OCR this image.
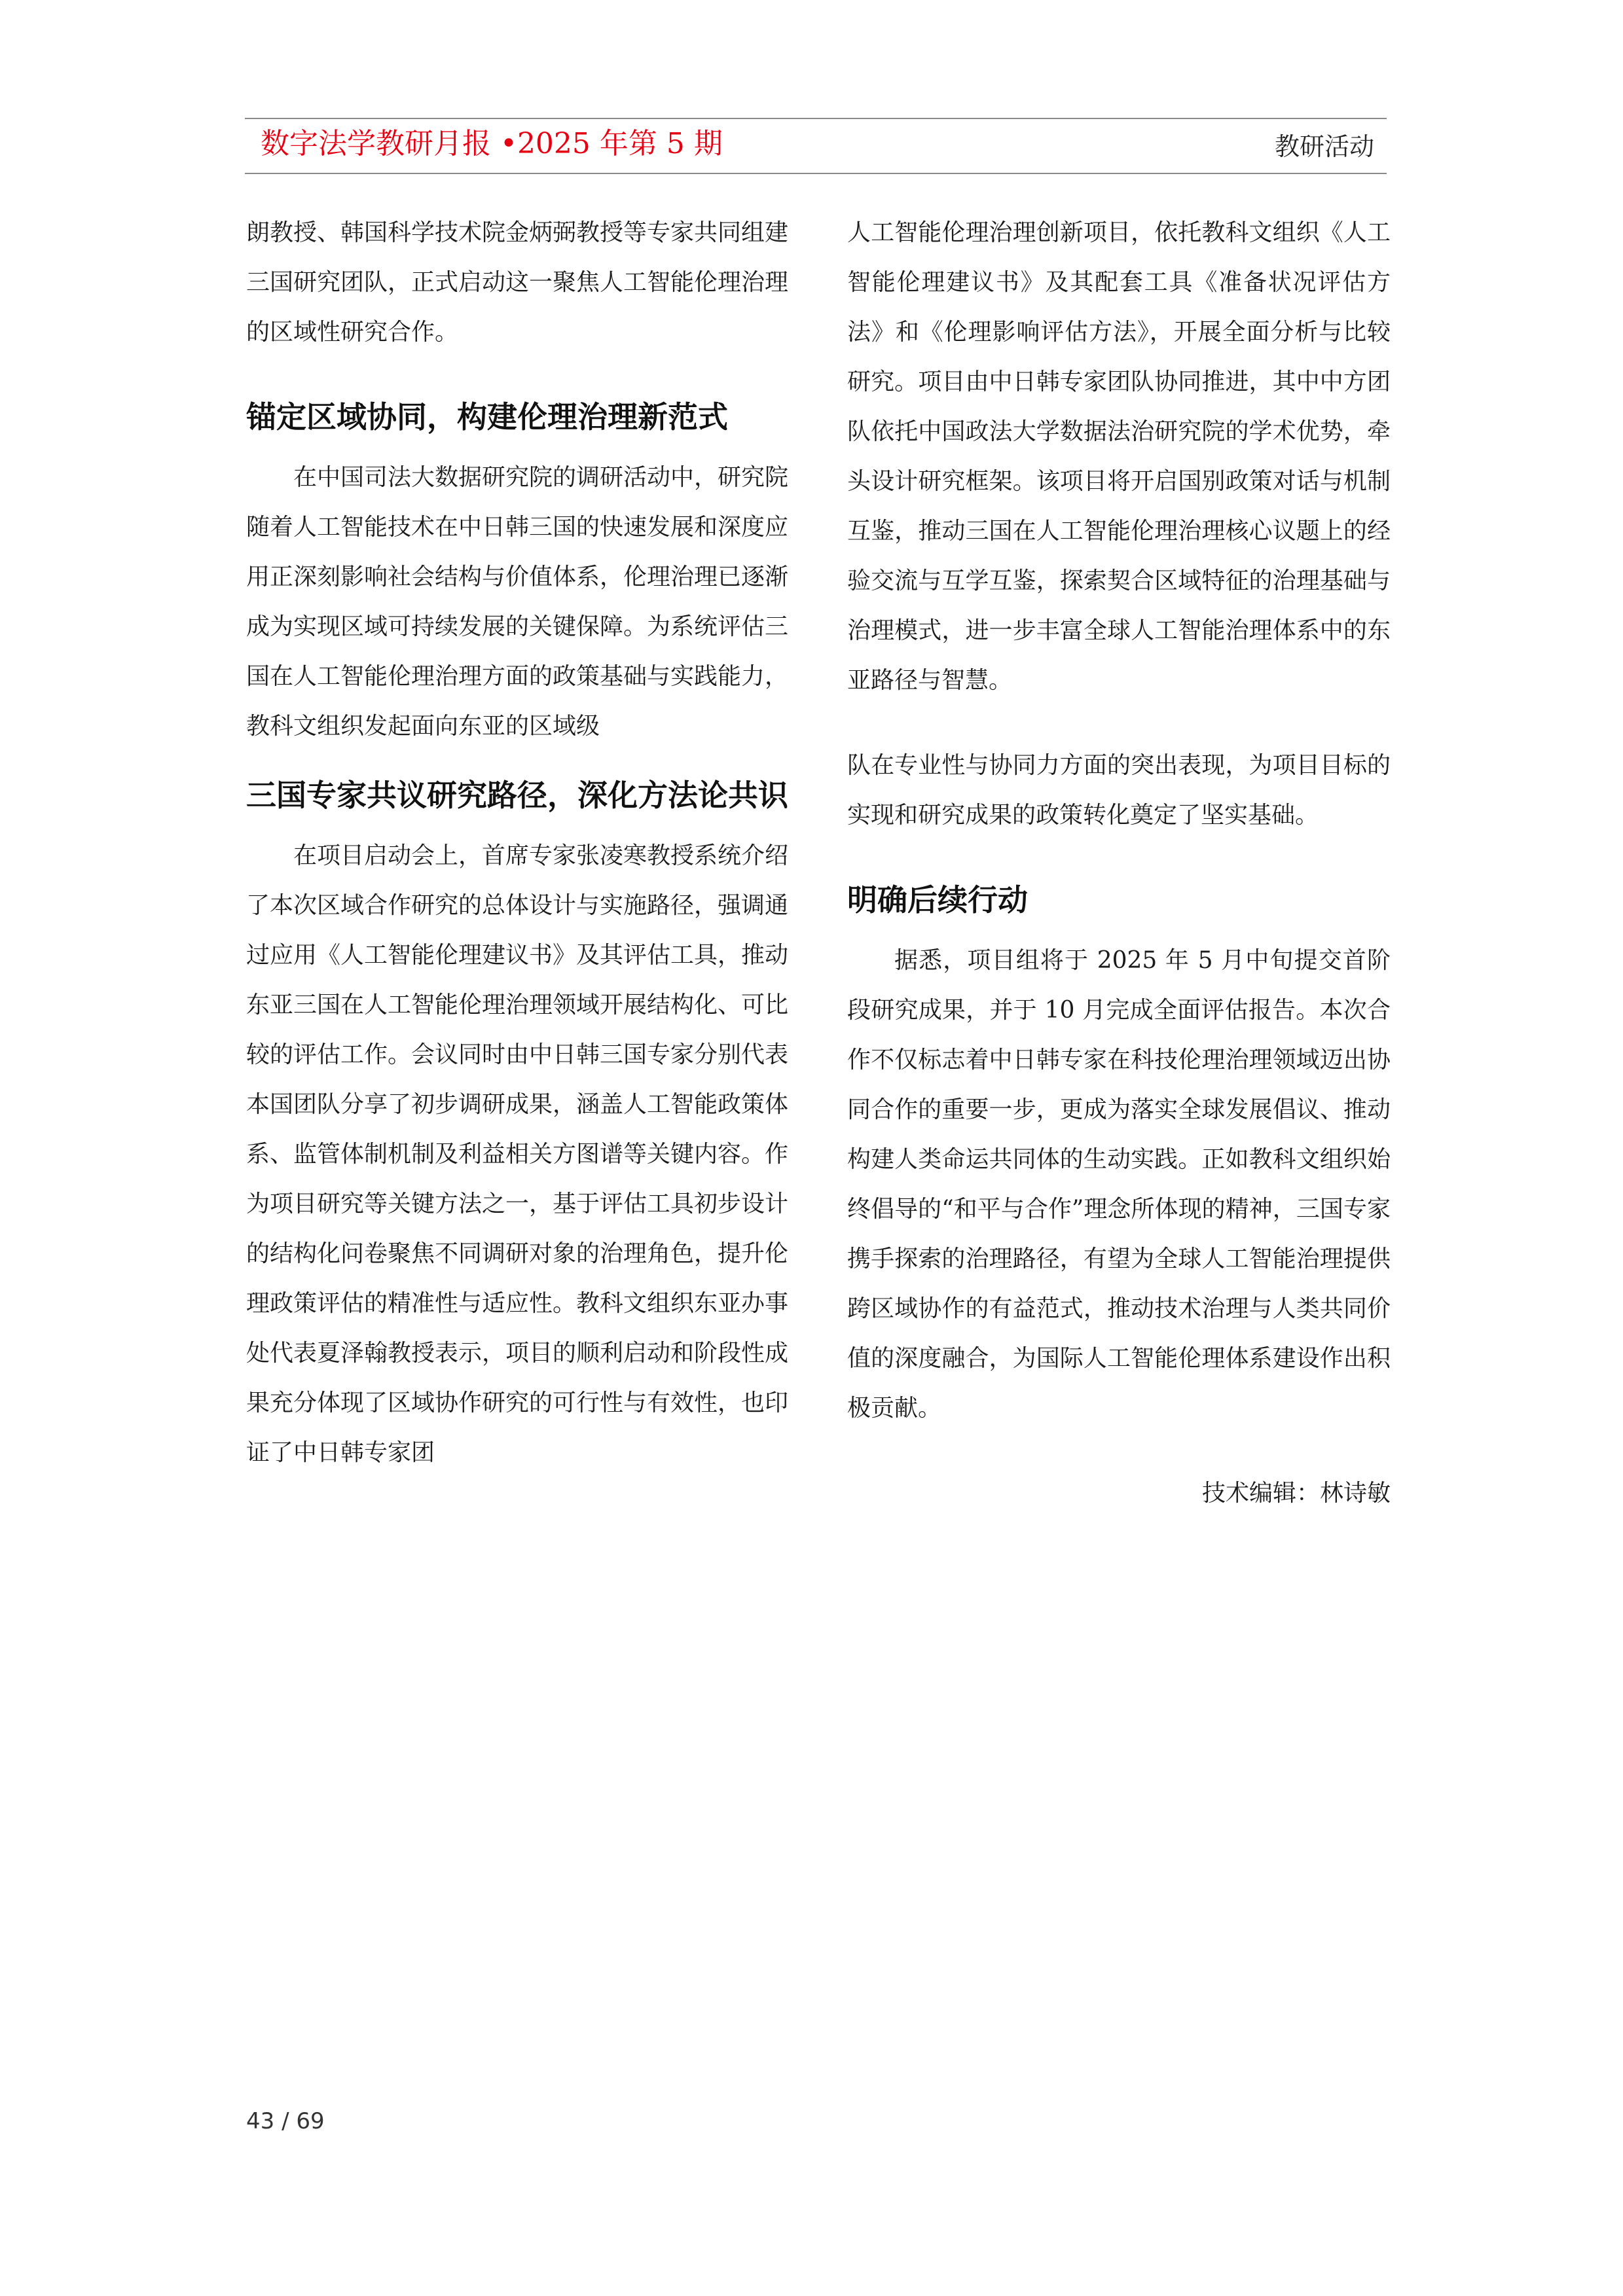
数字法学教研月报 •2025 年第 5 期	教研活动

朗教授、韩国科学技术院金炳弼教授等专家共同组建三国研究团队，正式启动这一聚焦人工智能伦理治理的区域性研究合作。

锚定区域协同，构建伦理治理新范式

在中国司法大数据研究院的调研活动中，研究院随着人工智能技术在中日韩三国的快速发展和深度应用正深刻影响社会结构与价值体系，伦理治理已逐渐成为实现区域可持续发展的关键保障。为系统评估三国在人工智能伦理治理方面的政策基础与实践能力，教科文组织发起面向东亚的区域级

三国专家共议研究路径，深化方法论共识

在项目启动会上，首席专家张凌寒教授系统介绍了本次区域合作研究的总体设计与实施路径，强调通过应用《人工智能伦理建议书》及其评估工具，推动东亚三国在人工智能伦理治理领域开展结构化、可比较的评估工作。会议同时由中日韩三国专家分别代表本国团队分享了初步调研成果，涵盖人工智能政策体系、监管体制机制及利益相关方图谱等关键内容。作为项目研究等关键方法之一，基于评估工具初步设计的结构化问卷聚焦不同调研对象的治理角色，提升伦理政策评估的精准性与适应性。教科文组织东亚办事处代表夏泽翰教授表示，项目的顺利启动和阶段性成果充分体现了区域协作研究的可行性与有效性，也印证了中日韩专家团

人工智能伦理治理创新项目，依托教科文组织《人工智能伦理建议书》及其配套工具《准备状况评估方法》和《伦理影响评估方法》，开展全面分析与比较研究。项目由中日韩专家团队协同推进，其中中方团队依托中国政法大学数据法治研究院的学术优势，牵头设计研究框架。该项目将开启国别政策对话与机制互鉴，推动三国在人工智能伦理治理核心议题上的经验交流与互学互鉴，探索契合区域特征的治理基础与治理模式，进一步丰富全球人工智能治理体系中的东亚路径与智慧。

队在专业性与协同力方面的突出表现，为项目目标的实现和研究成果的政策转化奠定了坚实基础。

明确后续行动

据悉，项目组将于 2025 年 5 月中旬提交首阶段研究成果，并于 10 月完成全面评估报告。本次合作不仅标志着中日韩专家在科技伦理治理领域迈出协同合作的重要一步，更成为落实全球发展倡议、推动构建人类命运共同体的生动实践。正如教科文组织始终倡导的“和平与合作”理念所体现的精神，三国专家携手探索的治理路径，有望为全球人工智能治理提供跨区域协作的有益范式，推动技术治理与人类共同价值的深度融合，为国际人工智能伦理体系建设作出积极贡献。

技术编辑：林诗敏

43 / 69
